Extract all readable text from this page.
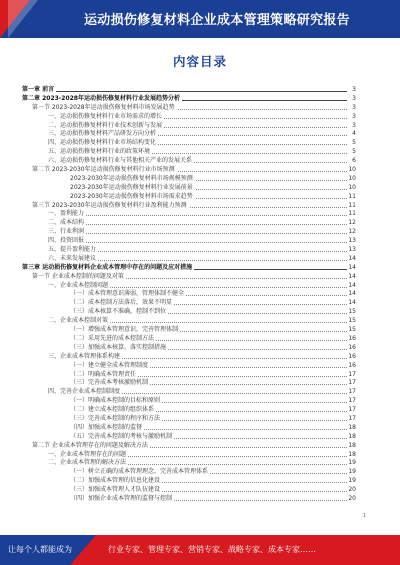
运动损伤修复材料企业成本管理策略研究报告
内容目录
第一章 前言	3
第二章 2023-2028年运动损伤修复材料行业发展趋势分析	3
第一节 2023-2028年运动损伤修复材料市场发展趋势	3
一、运动损伤修复材料行业市场需求的增长	3
二、运动损伤修复材料行业技术创新与发展	3
三、运动损伤修复材料产品研发方向分析	4
四、运动损伤修复材料行业市场结构变化	5
五、运动损伤修复材料行业的政策环境	5
六、运动损伤修复材料行业与其他相关产业的发展关系	6
第二节 2023-2030年运动损伤修复材料行业市场预测	10
2023-2030年运动损伤修复材料市场规模预测	10
2023-2030年运动损伤修复材料行业发展前景	10
2023-2030年运动损伤修复材料市场需求趋势	11
第三节 2023-2030年运动损伤修复材料行业盈利能力预测	11
一、盈利能力	11
二、成本结构	12
三、行业利润	12
四、投资回报	13
五、提升盈利能力	13
六、未来发展建议	14
第三章 运动损伤修复材料企业成本管理中存在的问题及应对措施	14
第一节 企业成本控制的问题及对策	14
一、企业成本控制问题	14
（一）成本管理意识薄弱，管理体制不健全	14
（二）成本控制方法落后，效果不明显	14
（三）成本核算不准确，控制不到位	15
二、企业成本控制对策	15
（一）增强成本管理意识，完善管理体制	15
（二）采用先进的成本控制方法	16
（三）加强成本核算，落实控制措施	16
三、企业成本管理体系构建	16
（一）建立健全成本管理制度	16
（二）明确成本管理责任	17
（三）完善成本考核激励机制	17
四、完善企业成本控制制度	17
（一）明确成本控制的目标和原则	17
（二）建立成本控制的组织体系	17
（三）完善成本控制的程序和方法	17
（四）加强成本控制的监督	18
（五）完善成本控制的考核与激励机制	18
第二节 企业成本管理存在的问题及解决方法	18
一、企业成本管理存在的问题	18
二、企业成本管理的解决方法	19
（一）树立正确的成本管理理念，完善成本管理体系	19
（二）加强成本管理的信息化建设	19
（三）加强成本管理人才队伍建设	20
（四）加强企业成本管理的监督与控制	20
1
让每个人都能成为	行业专家、管理专家、营销专家、战略专家、成本专家……
